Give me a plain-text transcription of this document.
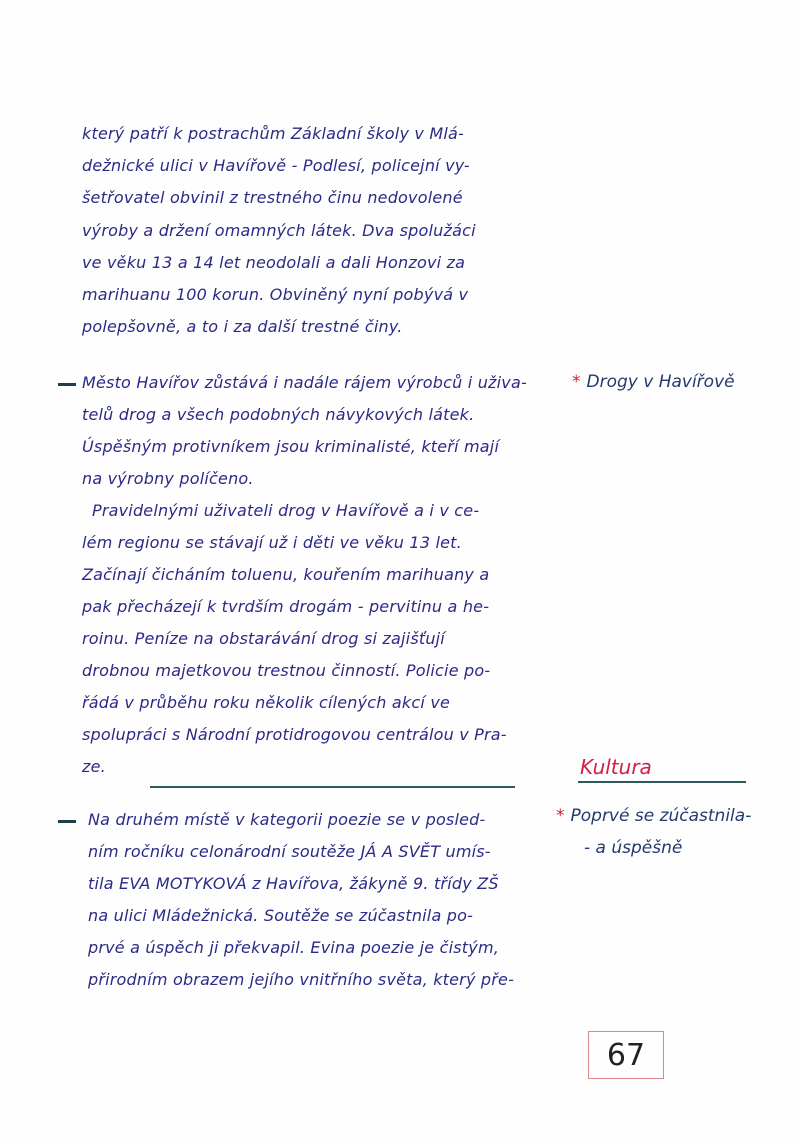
který patří k postrachům Základní školy v Mlá-
dežnické ulici v Havířově - Podlesí, policejní vy-
šetřovatel obvinil z trestného činu nedovolené
výroby a držení omamných látek. Dva spolužáci
ve věku 13 a 14 let neodolali a dali Honzovi za
marihuanu 100 korun. Obviněný nyní pobývá v
polepšovně, a to i za další trestné činy.
Město Havířov zůstává i nadále rájem výrobců i uživa-
telů drog a všech podobných návykových látek.
Úspěšným protivníkem jsou kriminalisté, kteří mají
na výrobny políčeno.
Pravidelnými uživateli drog v Havířově a i v ce-
lém regionu se stávají už i děti ve věku 13 let.
Začínají čicháním toluenu, kouřením marihuany a
pak přecházejí k tvrdším drogám - pervitinu a he-
roinu. Peníze na obstarávání drog si zajišťují
drobnou majetkovou trestnou činností. Policie po-
řádá v průběhu roku několik cílených akcí ve
spolupráci s Národní protidrogovou centrálou v Pra-
ze.
* Drogy v Havířově
Kultura
Na druhém místě v kategorii poezie se v posled-
ním ročníku celonárodní soutěže JÁ A SVĚT umís-
tila EVA MOTYKOVÁ z Havířova, žákyně 9. třídy ZŠ
na ulici Mládežnická. Soutěže se zúčastnila po-
prvé a úspěch ji překvapil. Evina poezie je čistým,
přirodním obrazem jejího vnitřního světa, který pře-
* Poprvé se zúčastnila-
- a úspěšně
67
